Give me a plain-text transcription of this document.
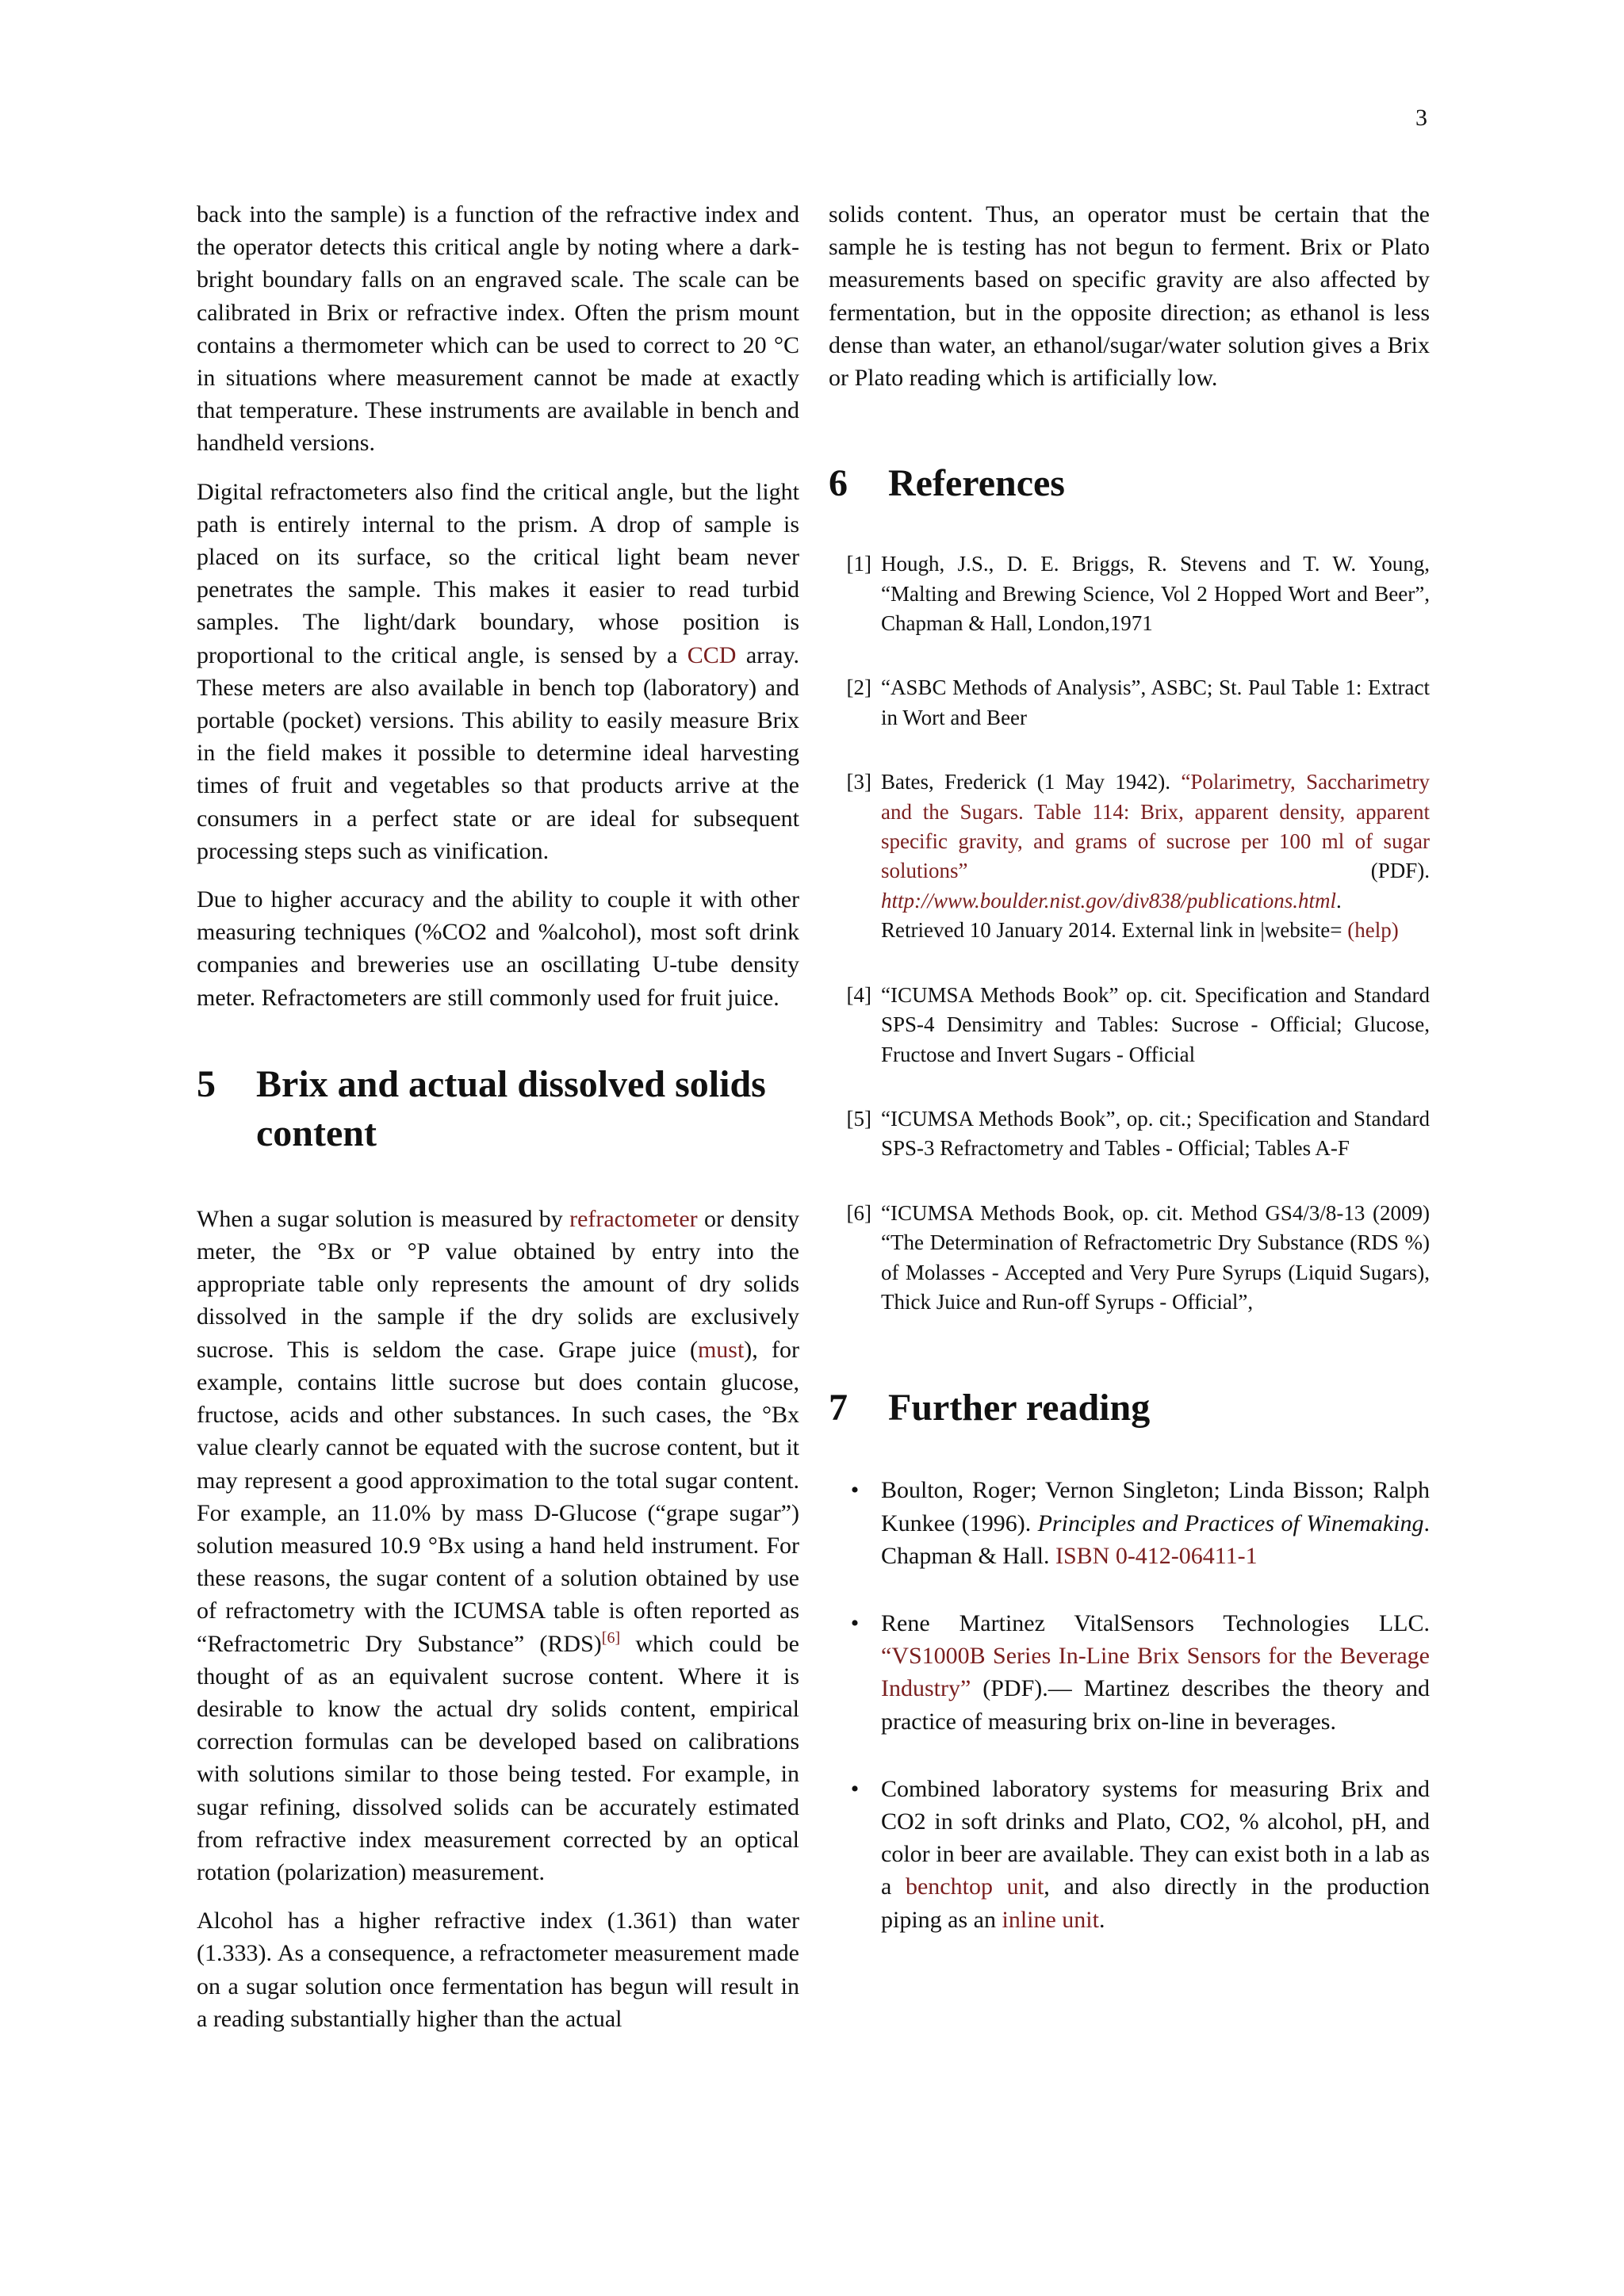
3

back into the sample) is a function of the refractive index and the operator detects this critical angle by noting where a dark-bright boundary falls on an engraved scale. The scale can be calibrated in Brix or refractive index. Often the prism mount contains a thermometer which can be used to correct to 20 °C in situations where measurement cannot be made at exactly that temperature. These instruments are available in bench and handheld versions.

Digital refractometers also find the critical angle, but the light path is entirely internal to the prism. A drop of sample is placed on its surface, so the critical light beam never penetrates the sample. This makes it easier to read turbid samples. The light/dark boundary, whose position is proportional to the critical angle, is sensed by a CCD array. These meters are also available in bench top (laboratory) and portable (pocket) versions. This ability to easily measure Brix in the field makes it possible to determine ideal harvesting times of fruit and vegetables so that products arrive at the consumers in a perfect state or are ideal for subsequent processing steps such as vinification.

Due to higher accuracy and the ability to couple it with other measuring techniques (%CO2 and %alcohol), most soft drink companies and breweries use an oscillating U-tube density meter. Refractometers are still commonly used for fruit juice.

5	Brix and actual dissolved solids content

When a sugar solution is measured by refractometer or density meter, the °Bx or °P value obtained by entry into the appropriate table only represents the amount of dry solids dissolved in the sample if the dry solids are exclusively sucrose. This is seldom the case. Grape juice (must), for example, contains little sucrose but does contain glucose, fructose, acids and other substances. In such cases, the °Bx value clearly cannot be equated with the sucrose content, but it may represent a good approximation to the total sugar content. For example, an 11.0% by mass D-Glucose (“grape sugar”) solution measured 10.9 °Bx using a hand held instrument. For these reasons, the sugar content of a solution obtained by use of refractometry with the ICUMSA table is often reported as “Refractometric Dry Substance” (RDS)[6] which could be thought of as an equivalent sucrose content. Where it is desirable to know the actual dry solids content, empirical correction formulas can be developed based on calibrations with solutions similar to those being tested. For example, in sugar refining, dissolved solids can be accurately estimated from refractive index measurement corrected by an optical rotation (polarization) measurement.

Alcohol has a higher refractive index (1.361) than water (1.333). As a consequence, a refractometer measurement made on a sugar solution once fermentation has begun will result in a reading substantially higher than the actual

solids content. Thus, an operator must be certain that the sample he is testing has not begun to ferment. Brix or Plato measurements based on specific gravity are also affected by fermentation, but in the opposite direction; as ethanol is less dense than water, an ethanol/sugar/water solution gives a Brix or Plato reading which is artificially low.

6	References
[1] Hough, J.S., D. E. Briggs, R. Stevens and T. W. Young, “Malting and Brewing Science, Vol 2 Hopped Wort and Beer”, Chapman & Hall, London,1971
[2] “ASBC Methods of Analysis”, ASBC; St. Paul Table 1: Extract in Wort and Beer
[3] Bates, Frederick (1 May 1942). “Polarimetry, Saccharimetry and the Sugars. Table 114: Brix, apparent density, apparent specific gravity, and grams of sucrose per 100 ml of sugar solutions” (PDF). http://www.boulder.nist.gov/div838/publications.html. Retrieved 10 January 2014. External link in |website= (help)
[4] “ICUMSA Methods Book” op. cit. Specification and Standard SPS-4 Densimitry and Tables: Sucrose - Official; Glucose, Fructose and Invert Sugars - Official
[5] “ICUMSA Methods Book”, op. cit.; Specification and Standard SPS-3 Refractometry and Tables - Official; Tables A-F
[6] “ICUMSA Methods Book, op. cit. Method GS4/3/8-13 (2009) “The Determination of Refractometric Dry Substance (RDS %) of Molasses - Accepted and Very Pure Syrups (Liquid Sugars), Thick Juice and Run-off Syrups - Official”,
7	Further reading
• Boulton, Roger; Vernon Singleton; Linda Bisson; Ralph Kunkee (1996). Principles and Practices of Winemaking. Chapman & Hall. ISBN 0-412-06411-1
• Rene Martinez VitalSensors Technologies LLC. “VS1000B Series In-Line Brix Sensors for the Beverage Industry” (PDF).— Martinez describes the theory and practice of measuring brix on-line in beverages.
• Combined laboratory systems for measuring Brix and CO2 in soft drinks and Plato, CO2, % alcohol, pH, and color in beer are available. They can exist both in a lab as a benchtop unit, and also directly in the production piping as an inline unit.
